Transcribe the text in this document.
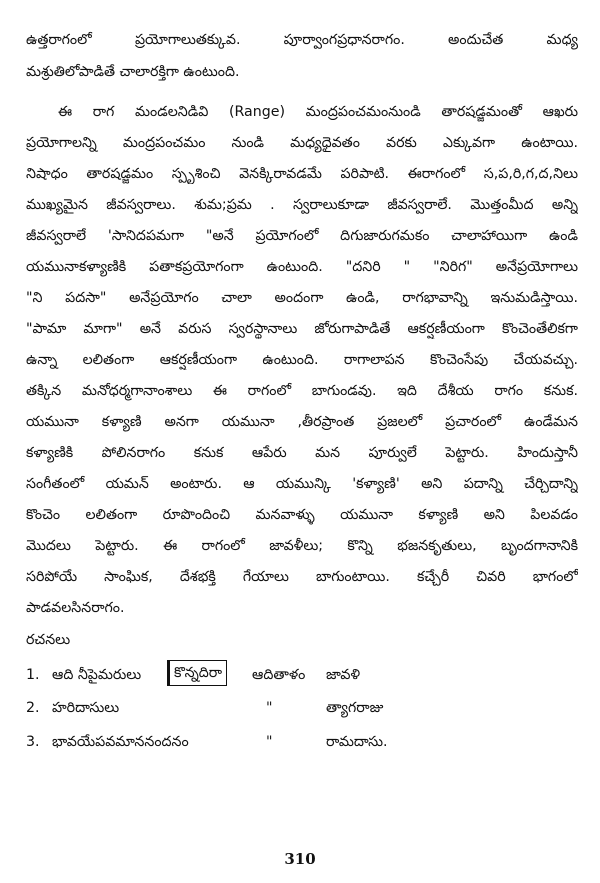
ఉత్తరాగంలో ప్రయోగాలుతక్కువ. పూర్వాంగప్రధానరాగం. అందుచేత మధ్య
మశ్రుతిలోపాడితే చాలారక్తిగా ఉంటుంది.
ఈ రాగ మండలనిడివి (Range) మంద్రపంచమంనుండి తారషడ్జమంతో ఆఖరు
ప్రయోగాలన్ని మంద్రపంచమం నుండి మధ్యధైవతం వరకు ఎక్కువగా ఉంటాయి.
నిషాధం తారషడ్జమం స్పృశించి వెనక్కిరావడమే పరిపాటి. ఈరాగంలో స,ప,రి,గ,ద,నిలు
ముఖ్యమైన జీవస్వరాలు. శుమ;ప్రమ . స్వరాలుకూడా జీవస్వరాలే. మొత్తంమీద అన్ని
జీవస్వరాలే 'సానిదపమగా "అనే ప్రయోగంలో దిగుజారుగమకం చాలాహాయిగా ఉండి
యమునాకళ్యాణికి పతాకప్రయోగంగా ఉంటుంది. "దనిరి " "నిరిగ" అనేప్రయోగాలు
"ని పదసా" అనేప్రయోగం చాలా అందంగా ఉండి, రాగభావాన్ని ఇనుమడిస్తాయి.
"పామా మాగా" అనే వరుస స్వరస్థానాలు జోరుగాపాడితే ఆకర్షణీయంగా కొంచెంతేలికగా
ఉన్నా లలితంగా ఆకర్షణీయంగా ఉంటుంది. రాగాలాపన కొంచెంసేపు చేయవచ్చు.
తక్కిన మనోధర్మగానాంశాలు ఈ రాగంలో బాగుండవు. ఇది దేశీయ రాగం కనుక.
యమునా కళ్యాణి అనగా యమునా ,తీరప్రాంత ప్రజలలో ప్రచారంలో ఉండేమన
కళ్యాణికి పోలినరాగం కనుక ఆపేరు మన పూర్వులే పెట్టారు. హిందుస్తానీ
సంగీతంలో యమన్ అంటారు. ఆ యమున్కి 'కళ్యాణి' అని పదాన్ని చేర్చిదాన్ని
కొంచెం లలితంగా రూపొందించి మనవాళ్ళు యమునా కళ్యాణి అని పిలవడం
మొదలు పెట్టారు. ఈ రాగంలో జావళీలు; కొన్ని భజనకృతులు, బృందగానానికి
సరిపోయే సాంఘిక, దేశభక్తి గేయాలు బాగుంటాయి. కచ్చేరీ చివరి భాగంలో
పాడవలసినరాగం.
రచనలు
1. ఆది నీపైమరులు	కొన్నదిరా	ఆదితాళం జావళి
2. హరిదాసులు	"	త్యాగరాజు
3. భావయేపవమాననందనం	"	రామదాసు.
310
